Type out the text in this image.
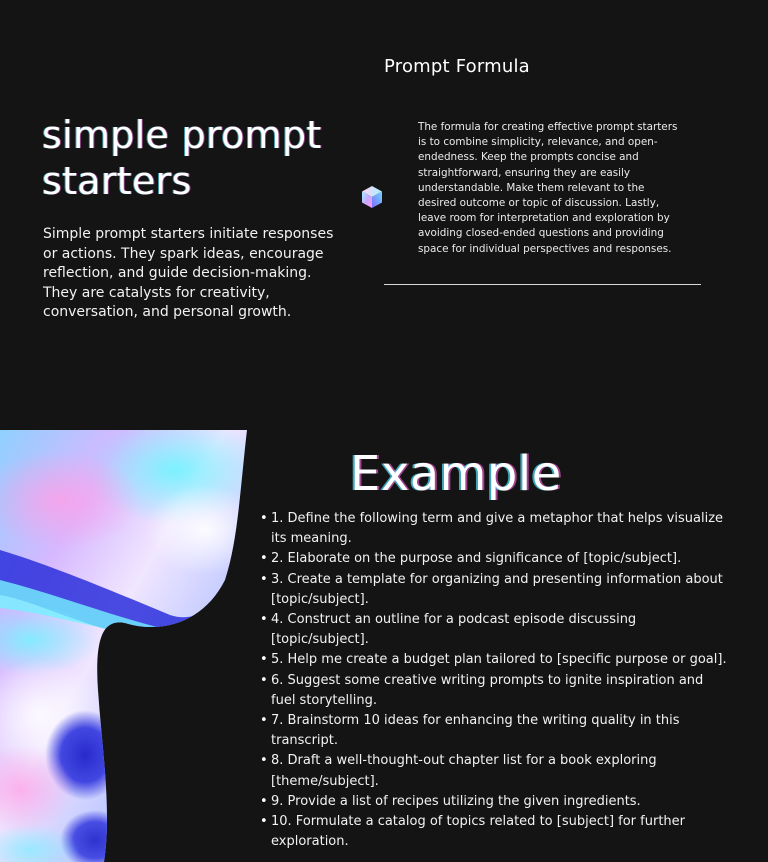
Prompt Formula
simple prompt starters

Simple prompt starters initiate responses or actions. They spark ideas, encourage reflection, and guide decision-making. They are catalysts for creativity, conversation, and personal growth.

The formula for creating effective prompt starters is to combine simplicity, relevance, and open-endedness. Keep the prompts concise and straightforward, ensuring they are easily understandable. Make them relevant to the desired outcome or topic of discussion. Lastly, leave room for interpretation and exploration by avoiding closed-ended questions and providing space for individual perspectives and responses.

Example
• 1. Define the following term and give a metaphor that helps visualize its meaning.
• 2. Elaborate on the purpose and significance of [topic/subject].
• 3. Create a template for organizing and presenting information about [topic/subject].
• 4. Construct an outline for a podcast episode discussing [topic/subject].
• 5. Help me create a budget plan tailored to [specific purpose or goal].
• 6. Suggest some creative writing prompts to ignite inspiration and fuel storytelling.
• 7. Brainstorm 10 ideas for enhancing the writing quality in this transcript.
• 8. Draft a well-thought-out chapter list for a book exploring [theme/subject].
• 9. Provide a list of recipes utilizing the given ingredients.
• 10. Formulate a catalog of topics related to [subject] for further exploration.
